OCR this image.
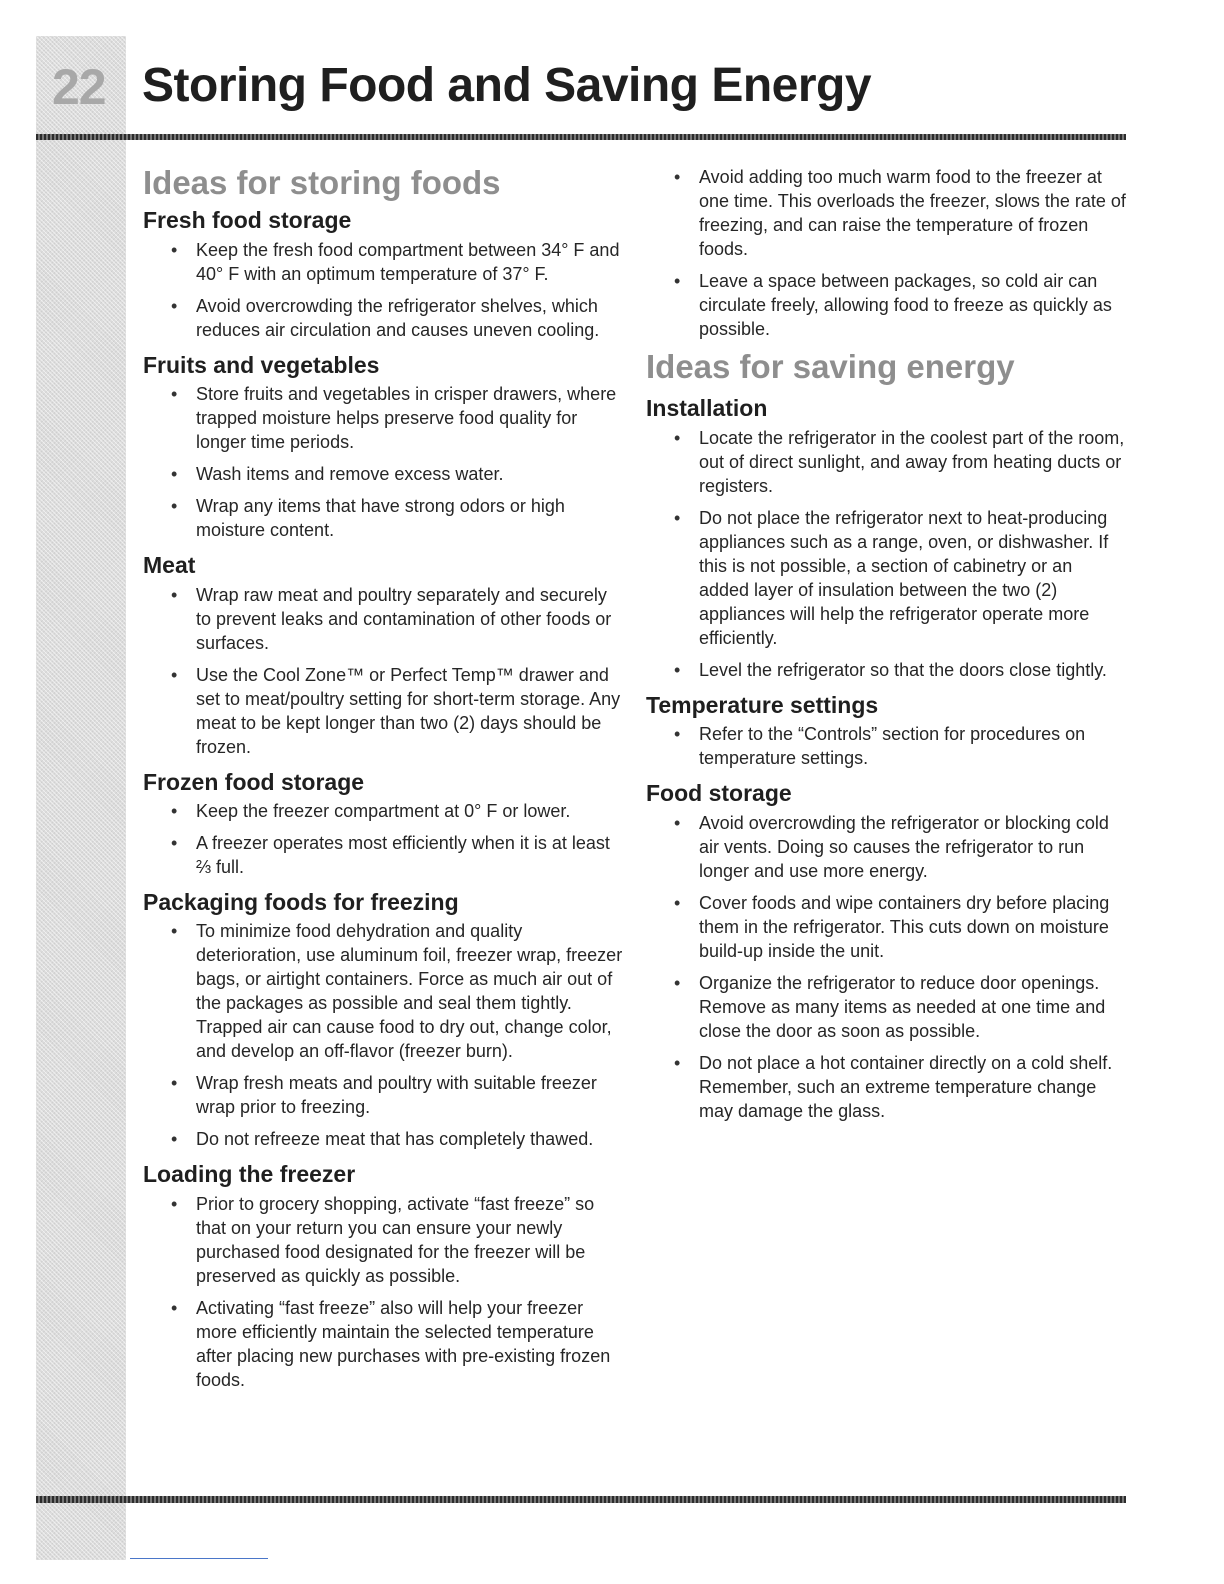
22 Storing Food and Saving Energy
Ideas for storing foods
Fresh food storage
• Keep the fresh food compartment between 34° F and 40° F with an optimum temperature of 37° F.
• Avoid overcrowding the refrigerator shelves, which reduces air circulation and causes uneven cooling.
Fruits and vegetables
• Store fruits and vegetables in crisper drawers, where trapped moisture helps preserve food quality for longer time periods.
• Wash items and remove excess water.
• Wrap any items that have strong odors or high moisture content.
Meat
• Wrap raw meat and poultry separately and securely to prevent leaks and contamination of other foods or surfaces.
• Use the Cool Zone™ or Perfect Temp™ drawer and set to meat/poultry setting for short-term storage. Any meat to be kept longer than two (2) days should be frozen.
Frozen food storage
• Keep the freezer compartment at 0° F or lower.
• A freezer operates most efficiently when it is at least ⅔ full.
Packaging foods for freezing
• To minimize food dehydration and quality deterioration, use aluminum foil, freezer wrap, freezer bags, or airtight containers. Force as much air out of the packages as possible and seal them tightly. Trapped air can cause food to dry out, change color, and develop an off-flavor (freezer burn).
• Wrap fresh meats and poultry with suitable freezer wrap prior to freezing.
• Do not refreeze meat that has completely thawed.
Loading the freezer
• Prior to grocery shopping, activate “fast freeze” so that on your return you can ensure your newly purchased food designated for the freezer will be preserved as quickly as possible.
• Activating “fast freeze” also will help your freezer more efficiently maintain the selected temperature after placing new purchases with pre-existing frozen foods.
• Avoid adding too much warm food to the freezer at one time. This overloads the freezer, slows the rate of freezing, and can raise the temperature of frozen foods.
• Leave a space between packages, so cold air can circulate freely, allowing food to freeze as quickly as possible.
Ideas for saving energy
Installation
• Locate the refrigerator in the coolest part of the room, out of direct sunlight, and away from heating ducts or registers.
• Do not place the refrigerator next to heat-producing appliances such as a range, oven, or dishwasher. If this is not possible, a section of cabinetry or an added layer of insulation between the two (2) appliances will help the refrigerator operate more efficiently.
• Level the refrigerator so that the doors close tightly.
Temperature settings
• Refer to the “Controls” section for procedures on temperature settings.
Food storage
• Avoid overcrowding the refrigerator or blocking cold air vents. Doing so causes the refrigerator to run longer and use more energy.
• Cover foods and wipe containers dry before placing them in the refrigerator. This cuts down on moisture build-up inside the unit.
• Organize the refrigerator to reduce door openings. Remove as many items as needed at one time and close the door as soon as possible.
• Do not place a hot container directly on a cold shelf. Remember, such an extreme temperature change may damage the glass.
